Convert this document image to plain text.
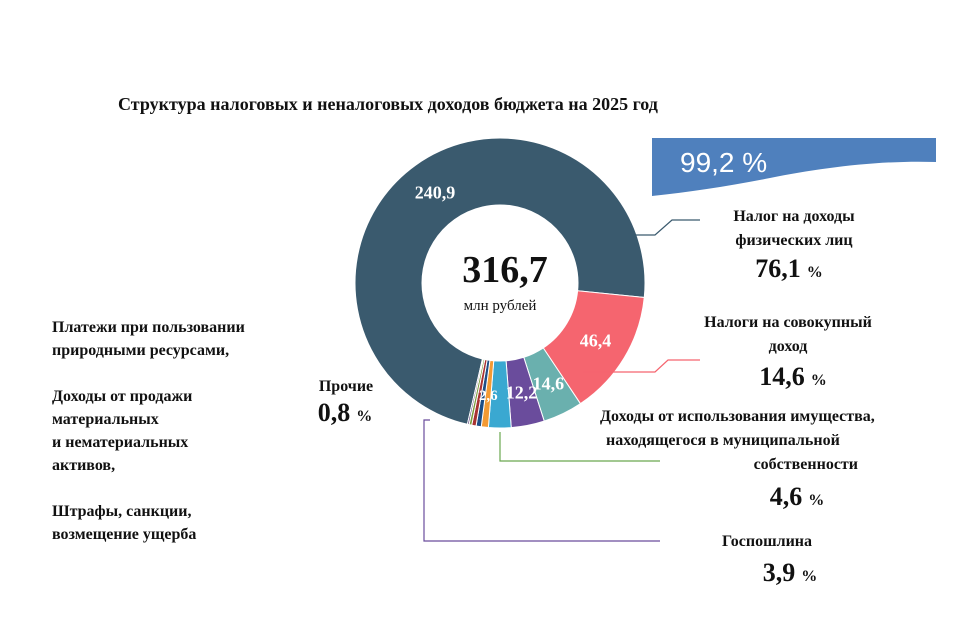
99,2 %
240,9
46,4
14,6
12,2
2,6
316,7
млн рублей
Структура налоговых и неналоговых доходов бюджета на 2025 год
Налог на доходы
физических лиц
76,1 %
Налоги на совокупный
доход
14,6 %
Доходы от использования имущества,
находящегося в муниципальной
собственности
4,6 %
Госпошлина
3,9 %
Прочие
0,8 %

Платежи при пользовании

природными ресурсами,

Доходы от продажи

материальных

и нематериальных

активов,

Штрафы, санкции,

возмещение ущерба
